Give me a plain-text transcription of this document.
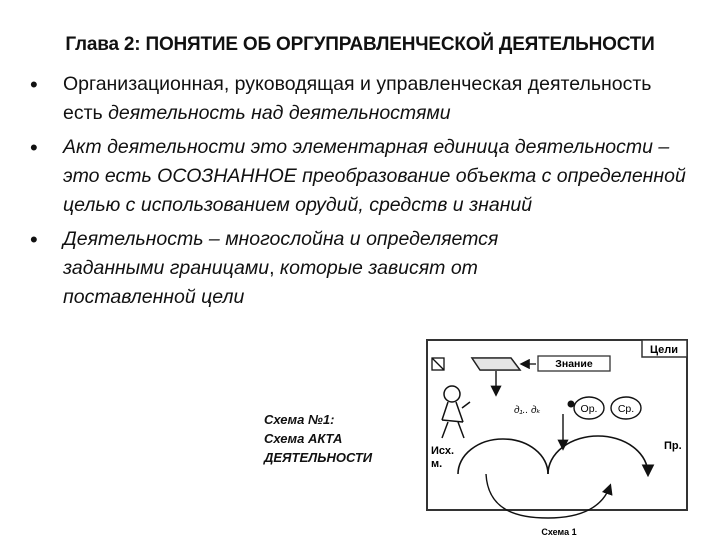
Глава 2: ПОНЯТИЕ ОБ ОРГУПРАВЛЕНЧЕСКОЙ ДЕЯТЕЛЬНОСТИ
• Организационная, руководящая и управленческая деятельность есть деятельность над деятельностями
• Акт деятельности это элементарная единица деятельности – это есть ОСОЗНАННОЕ преобразование объекта с определенной целью с использованием орудий, средств и знаний
• Деятельность – многослойна и определяется заданными границами, которые зависят от поставленной цели
Схема №1:
Схема АКТА
ДЕЯТЕЛЬНОСТИ
Цели
Знание
д₁.. дₖ	Ор. Ср.
Исх.
м.
Пр.
Схема 1
